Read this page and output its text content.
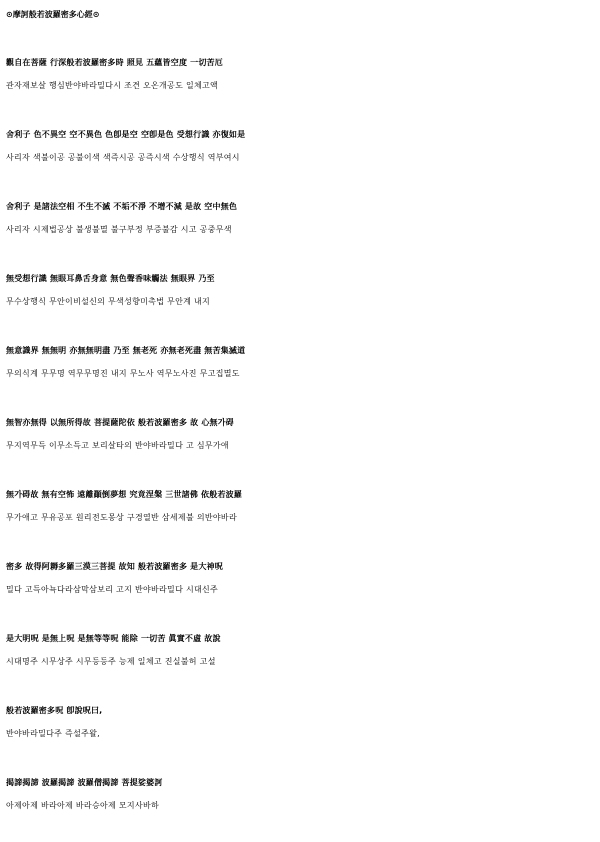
⊙摩訶般若波羅密多心經⊙
觀自在菩薩 行深般若波羅密多時 照見 五蘊皆空度 一切苦厄
관자재보살 행심반야바라밀다시 조견 오온개공도 일체고액
舍利子 色不異空 空不異色 色卽是空 空卽是色 受想行識 亦復如是
사리자 색불이공 공불이색 색즉시공 공즉시색 수상행식 역부여시
舍利子 是諸法空相 不生不滅 不垢不淨 不增不減 是故 空中無色
사리자 시제법공상 불생불멸 불구부정 부증불감 시고 공중무색
無受想行識 無眼耳鼻舌身意 無色聲香味觸法 無眼界 乃至
무수상행식 무안이비설신의 무색성향미촉법 무안계 내지
無意識界 無無明 亦無無明盡 乃至 無老死 亦無老死盡 無苦集滅道
무의식계 무무명 역무무명진 내지 무노사 역무노사진 무고집멸도
無智亦無得 以無所得故 菩提薩陀依 般若波羅密多 故 心無가碍
무지역무득 이무소득고 보리살타의 반야바라밀다 고 심무가애
無가碍故 無有空怖 遠離顚倒夢想 究竟涅槃 三世諸佛 依般若波羅
무가애고 무유공포 원리전도몽상 구경열반 삼세제불 의반야바라
密多 故得阿耨多羅三漠三菩提 故知 般若波羅密多 是大神呪
밀다 고득아뇩다라삼막삼보리 고지 반야바라밀다 시대신주
是大明呪 是無上呪 是無等等呪 能除 一切苦 眞實不虛 故說
시대명주 시무상주 시무등등주 능제 일체고 진실불허 고설
般若波羅密多呪 卽說呪曰,
반야바라밀다주 즉설주왈,
揭諦揭諦 波羅揭諦 波羅僧揭諦 菩提娑婆訶
아제아제 바라아제 바라승아제 모지사바하
